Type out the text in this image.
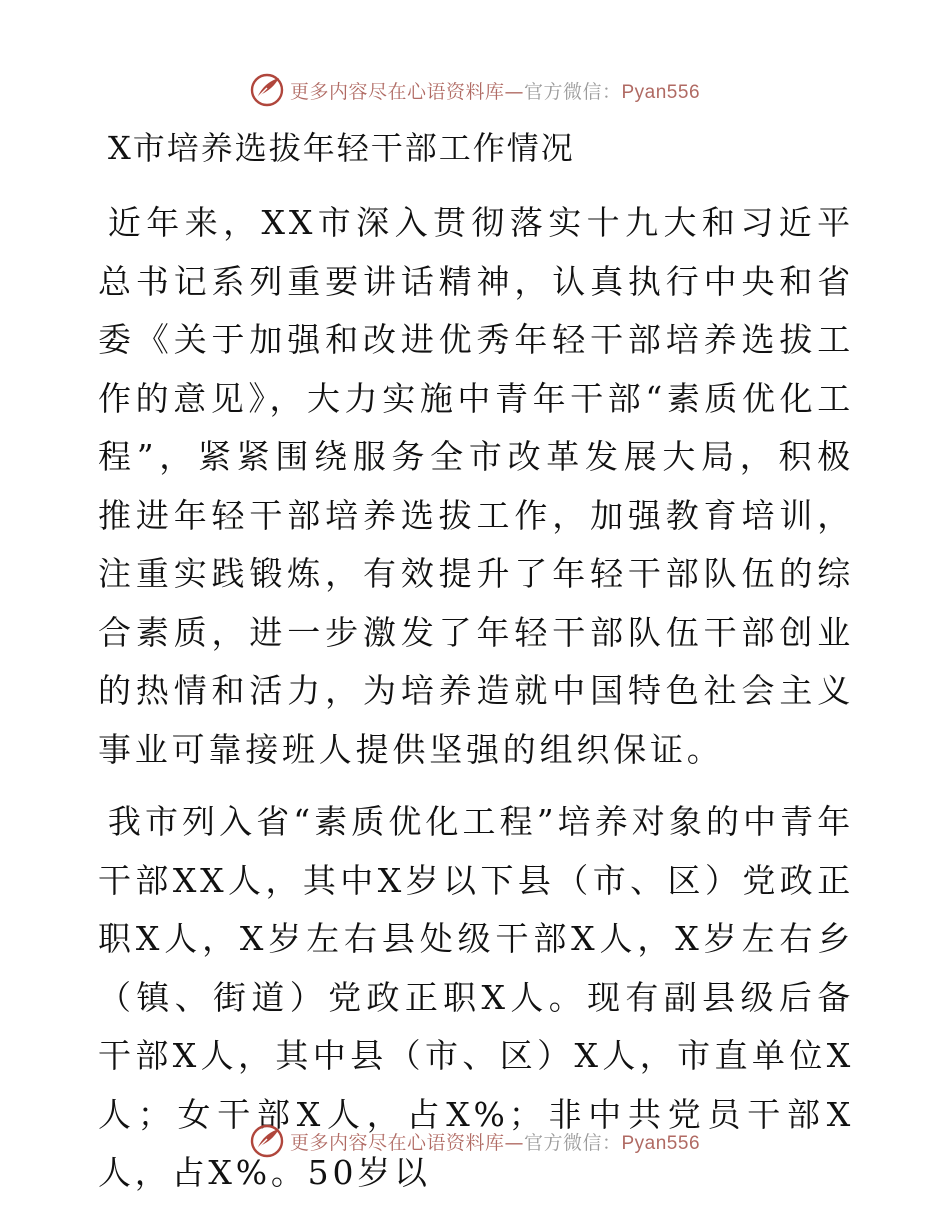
更多内容尽在心语资料库—官方微信：Pyan556
X市培养选拔年轻干部工作情况

近年来，XX市深入贯彻落实十九大和习近平总书记系列重要讲话精神，认真执行中央和省委《关于加强和改进优秀年轻干部培养选拔工作的意见》，大力实施中青年干部“素质优化工程”，紧紧围绕服务全市改革发展大局，积极推进年轻干部培养选拔工作，加强教育培训，注重实践锻炼，有效提升了年轻干部队伍的综合素质，进一步激发了年轻干部队伍干部创业的热情和活力，为培养造就中国特色社会主义事业可靠接班人提供坚强的组织保证。

我市列入省“素质优化工程”培养对象的中青年干部XX人，其中X岁以下县（市、区）党政正职X人，X岁左右县处级干部X人，X岁左右乡（镇、街道）党政正职X人。现有副县级后备干部X人，其中县（市、区）X人，市直单位X人；女干部X人，占X%；非中共党员干部X人，占X%。50岁以

更多内容尽在心语资料库—官方微信：Pyan556
